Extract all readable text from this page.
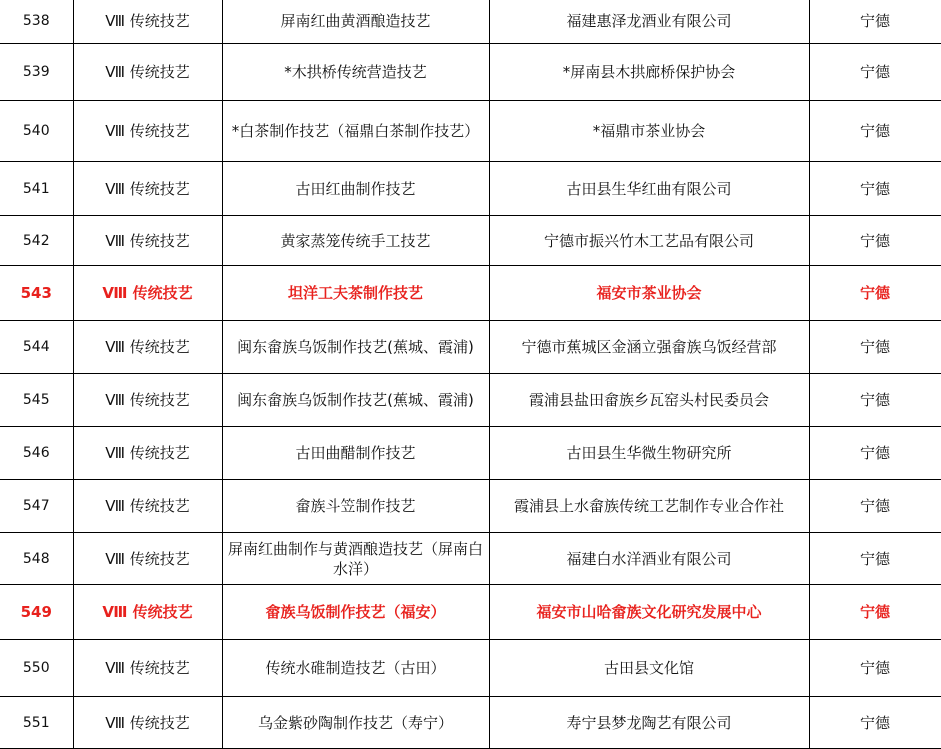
538	Ⅷ 传统技艺	屏南红曲黄酒酿造技艺	福建惠泽龙酒业有限公司	宁德
539	Ⅷ 传统技艺	*木拱桥传统营造技艺	*屏南县木拱廊桥保护协会	宁德
540	Ⅷ 传统技艺	*白茶制作技艺（福鼎白茶制作技艺）	*福鼎市茶业协会	宁德
541	Ⅷ 传统技艺	古田红曲制作技艺	古田县生华红曲有限公司	宁德
542	Ⅷ 传统技艺	黄家蒸笼传统手工技艺	宁德市振兴竹木工艺品有限公司	宁德
543	Ⅷ 传统技艺	坦洋工夫茶制作技艺	福安市茶业协会	宁德
544	Ⅷ 传统技艺	闽东畲族乌饭制作技艺(蕉城、霞浦)	宁德市蕉城区金涵立强畲族乌饭经营部	宁德
545	Ⅷ 传统技艺	闽东畲族乌饭制作技艺(蕉城、霞浦)	霞浦县盐田畲族乡瓦窑头村民委员会	宁德
546	Ⅷ 传统技艺	古田曲醋制作技艺	古田县生华微生物研究所	宁德
547	Ⅷ 传统技艺	畲族斗笠制作技艺	霞浦县上水畲族传统工艺制作专业合作社	宁德
548	Ⅷ 传统技艺	屏南红曲制作与黄酒酿造技艺（屏南白水洋）	福建白水洋酒业有限公司	宁德
549	Ⅷ 传统技艺	畲族乌饭制作技艺（福安）	福安市山哈畲族文化研究发展中心	宁德
550	Ⅷ 传统技艺	传统水碓制造技艺（古田）	古田县文化馆	宁德
551	Ⅷ 传统技艺	乌金紫砂陶制作技艺（寿宁）	寿宁县梦龙陶艺有限公司	宁德
